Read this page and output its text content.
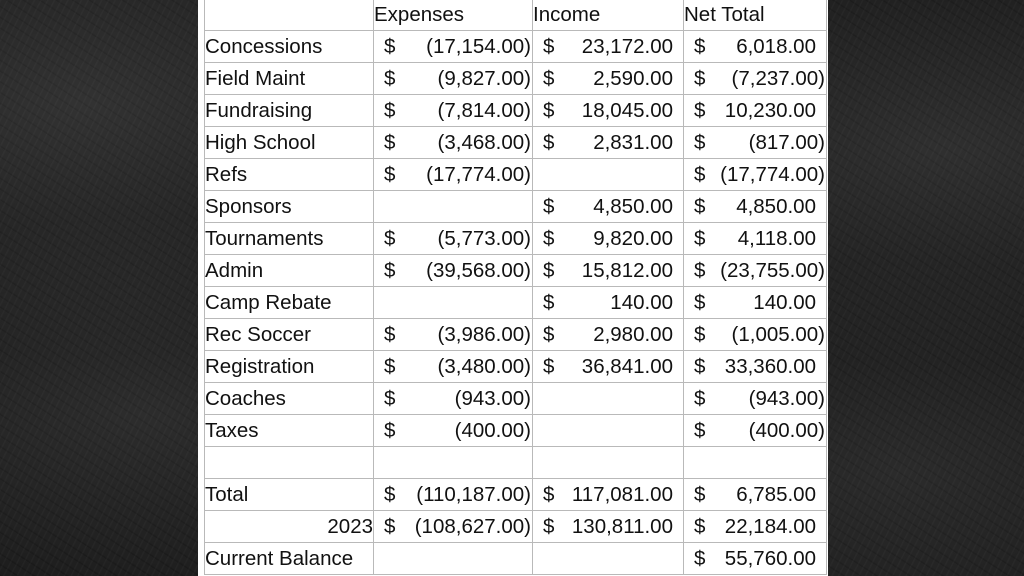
	Expenses	Income	Net Total
Concessions	$ (17,154.00)	$ 23,172.00	$ 6,018.00

Field Maint	$ (9,827.00)	$ 2,590.00	$ (7,237.00)

Fundraising	$ (7,814.00)	$ 18,045.00	$ 10,230.00

High School	$ (3,468.00)	$ 2,831.00	$ (817.00)

Refs	$ (17,774.00)		$ (17,774.00)

Sponsors		$ 4,850.00	$ 4,850.00

Tournaments	$ (5,773.00)	$ 9,820.00	$ 4,118.00

Admin	$ (39,568.00)	$ 15,812.00	$ (23,755.00)

Camp Rebate		$ 140.00	$ 140.00

Rec Soccer	$ (3,986.00)	$ 2,980.00	$ (1,005.00)

Registration	$ (3,480.00)	$ 36,841.00	$ 33,360.00

Coaches	$ (943.00)		$ (943.00)

Taxes	$ (400.00)		$ (400.00)

Total	$ (110,187.00)	$ 117,081.00	$ 6,785.00

2023	$ (108,627.00)	$ 130,811.00	$ 22,184.00

Current Balance			$ 55,760.00
